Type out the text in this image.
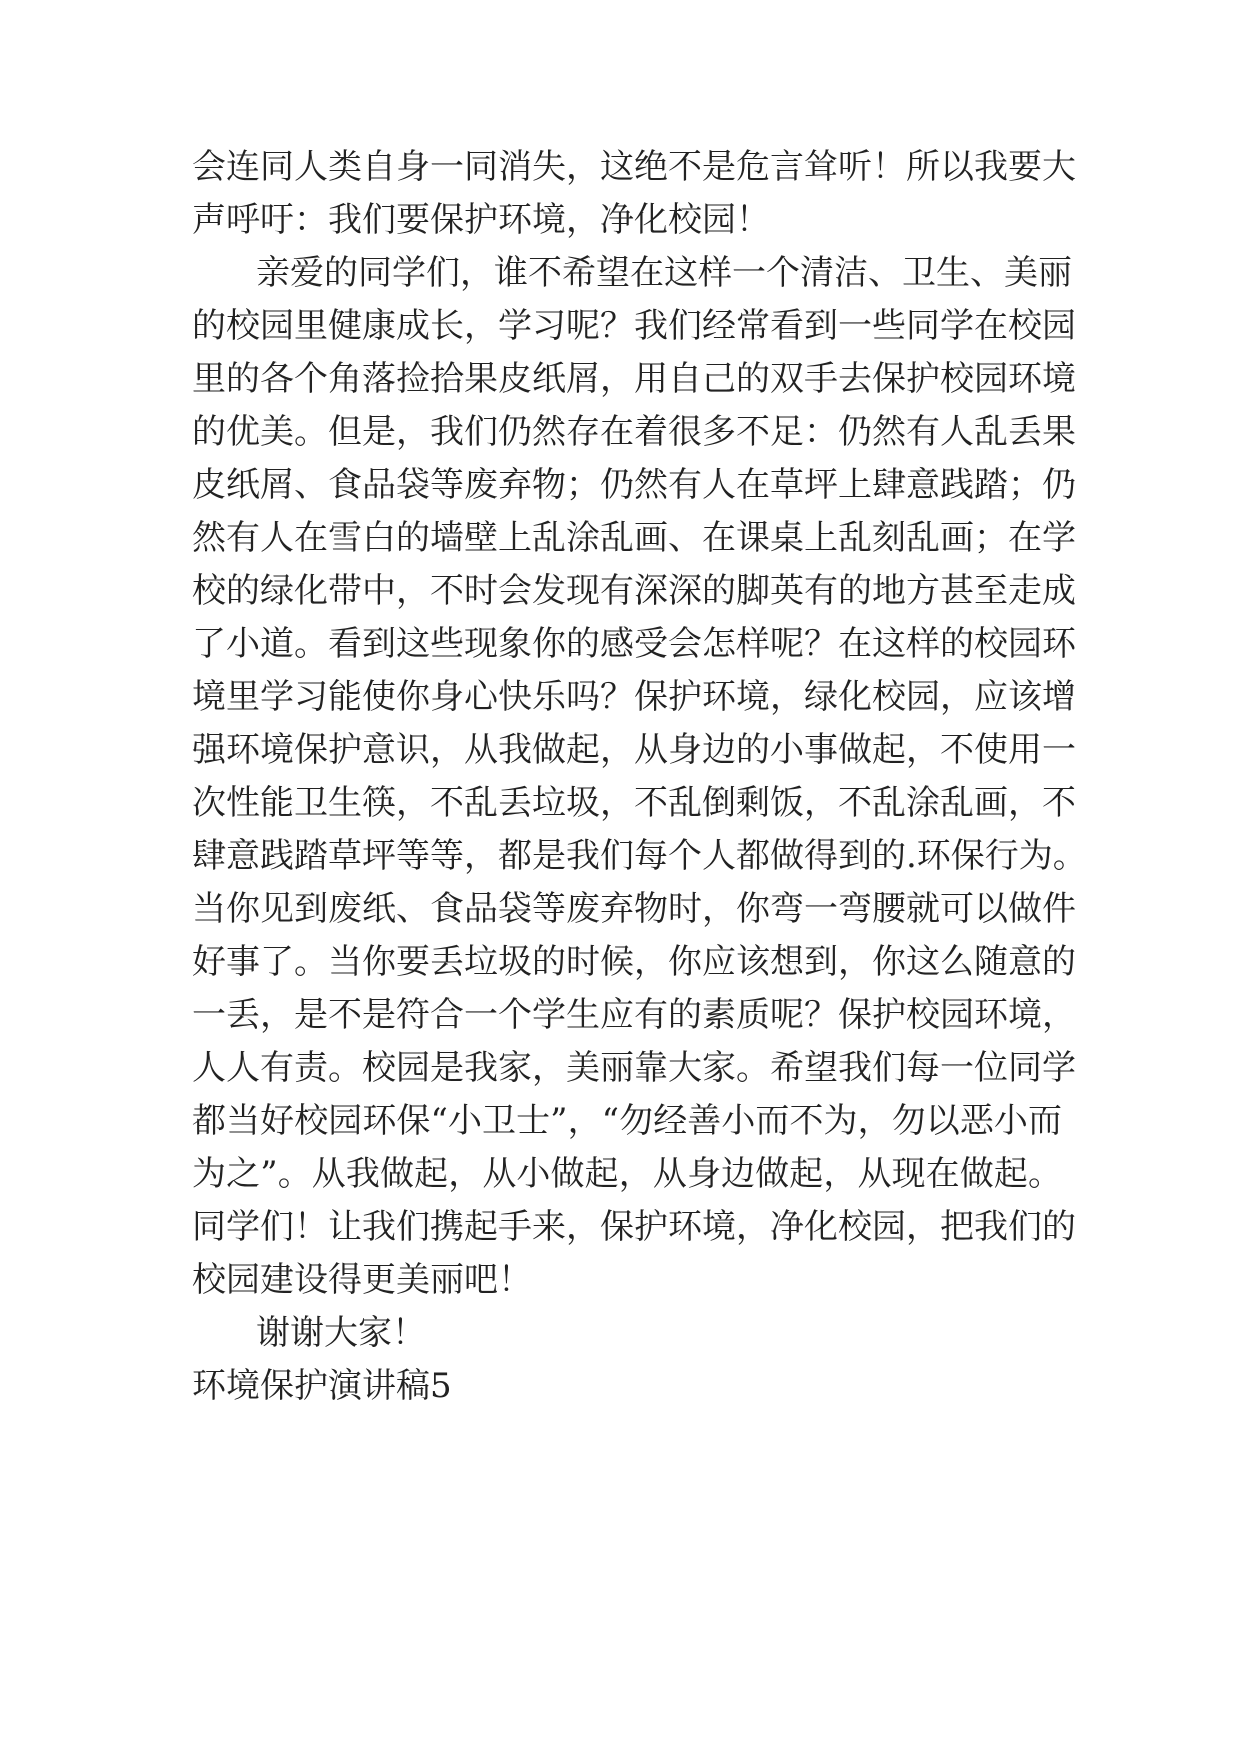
会连同人类自身一同消失，这绝不是危言耸听！所以我要大
声呼吁：我们要保护环境，净化校园！
亲爱的同学们，谁不希望在这样一个清洁、卫生、美丽
的校园里健康成长，学习呢？我们经常看到一些同学在校园
里的各个角落捡拾果皮纸屑，用自己的双手去保护校园环境
的优美。但是，我们仍然存在着很多不足：仍然有人乱丢果
皮纸屑、食品袋等废弃物；仍然有人在草坪上肆意践踏；仍
然有人在雪白的墙壁上乱涂乱画、在课桌上乱刻乱画；在学
校的绿化带中，不时会发现有深深的脚英有的地方甚至走成
了小道。看到这些现象你的感受会怎样呢？在这样的校园环
境里学习能使你身心快乐吗？保护环境，绿化校园，应该增
强环境保护意识，从我做起，从身边的小事做起，不使用一
次性能卫生筷，不乱丢垃圾，不乱倒剩饭，不乱涂乱画，不
肆意践踏草坪等等，都是我们每个人都做得到的.环保行为。
当你见到废纸、食品袋等废弃物时，你弯一弯腰就可以做件
好事了。当你要丢垃圾的时候，你应该想到，你这么随意的
一丢，是不是符合一个学生应有的素质呢？保护校园环境，
人人有责。校园是我家，美丽靠大家。希望我们每一位同学
都当好校园环保“小卫士”，“勿经善小而不为，勿以恶小而
为之”。从我做起，从小做起，从身边做起，从现在做起。
同学们！让我们携起手来，保护环境，净化校园，把我们的
校园建设得更美丽吧！
谢谢大家！
环境保护演讲稿5
